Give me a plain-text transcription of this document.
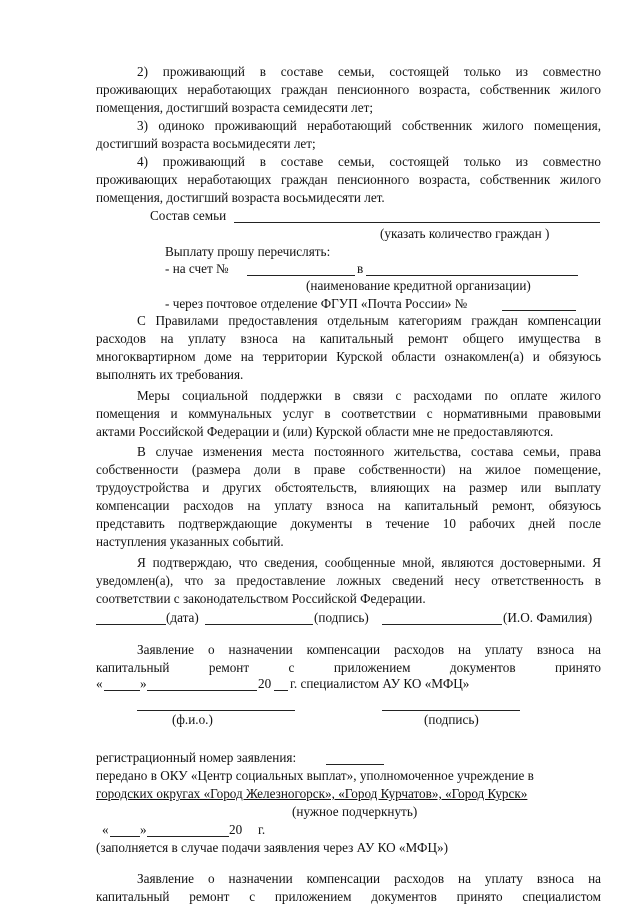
2) проживающий в составе семьи, состоящей только из совместно
проживающих неработающих граждан пенсионного возраста, собственник жилого
помещения, достигший возраста семидесяти лет;
3) одиноко проживающий неработающий собственник жилого помещения,
достигший возраста восьмидесяти лет;
4) проживающий в составе семьи, состоящей только из совместно
проживающих неработающих граждан пенсионного возраста, собственник жилого
помещения, достигший возраста восьмидесяти лет.
Состав семьи
(указать количество граждан )
Выплату прошу перечислять:
- на счет №	в
(наименование кредитной организации)
- через почтовое отделение ФГУП «Почта России» №
С Правилами предоставления отдельным категориям граждан компенсации
расходов на уплату взноса на капитальный ремонт общего имущества в
многоквартирном доме на территории Курской области ознакомлен(а) и обязуюсь
выполнять их требования.
Меры социальной поддержки в связи с расходами по оплате жилого
помещения и коммунальных услуг в соответствии с нормативными правовыми
актами Российской Федерации и (или) Курской области мне не предоставляются.
В случае изменения места постоянного жительства, состава семьи, права
собственности (размера доли в праве собственности) на жилое помещение,
трудоустройства и других обстоятельств, влияющих на размер или выплату
компенсации расходов на уплату взноса на капитальный ремонт, обязуюсь
представить подтверждающие документы в течение 10 рабочих дней после
наступления указанных событий.
Я подтверждаю, что сведения, сообщенные мной, являются достоверными. Я
уведомлен(а), что за предоставление ложных сведений несу ответственность в
соответствии с законодательством Российской Федерации.
(дата)	(подпись)	(И.О. Фамилия)
Заявление о назначении компенсации расходов на уплату взноса на
капитальный ремонт с приложением документов принято
«	»	20 г. специалистом АУ КО «МФЦ»
(ф.и.о.)	(подпись)
регистрационный номер заявления:
передано в ОКУ «Центр социальных выплат», уполномоченное учреждение в
городских округах «Город Железногорск», «Город Курчатов», «Город Курск»
(нужное подчеркнуть)
« »	20 г.
(заполняется в случае подачи заявления через АУ КО «МФЦ»)
Заявление о назначении компенсации расходов на уплату взноса на
капитальный ремонт с приложением документов принято специалистом
